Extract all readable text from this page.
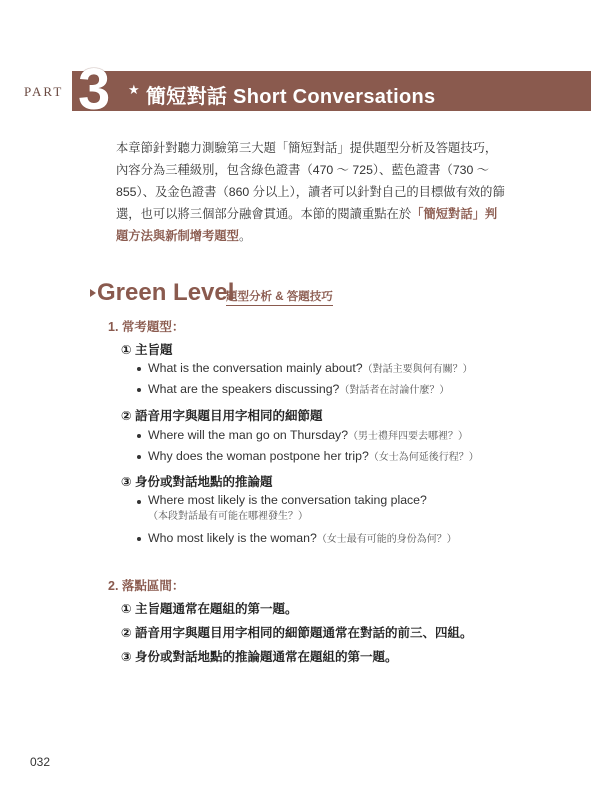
PART 3 ★ 簡短對話 Short Conversations
本章節針對聽力測驗第三大題「簡短對話」提供題型分析及答題技巧，內容分為三種級別，包含綠色證書（470 ～ 725）、藍色證書（730 ～ 855）、及金色證書（860 分以上），讀者可以針對自己的目標做有效的篩選，也可以將三個部分融會貫通。本節的閱讀重點在於「簡短對話」判題方法與新制增考題型。
Green Level
題型分析 & 答題技巧
1. 常考題型：
① 主旨題
What is the conversation mainly about?（對話主要與何有關？）
What are the speakers discussing?（對話者在討論什麼？）
② 語音用字與題目用字相同的細節題
Where will the man go on Thursday?（男士禮拜四要去哪裡？）
Why does the woman postpone her trip?（女士為何延後行程？）
③ 身份或對話地點的推論題
Where most likely is the conversation taking place?
（本段對話最有可能在哪裡發生？）
Who most likely is the woman?（女士最有可能的身份為何？）
2. 落點區間：
① 主旨題通常在題組的第一題。
② 語音用字與題目用字相同的細節題通常在對話的前三、四組。
③ 身份或對話地點的推論題通常在題組的第一題。
032
